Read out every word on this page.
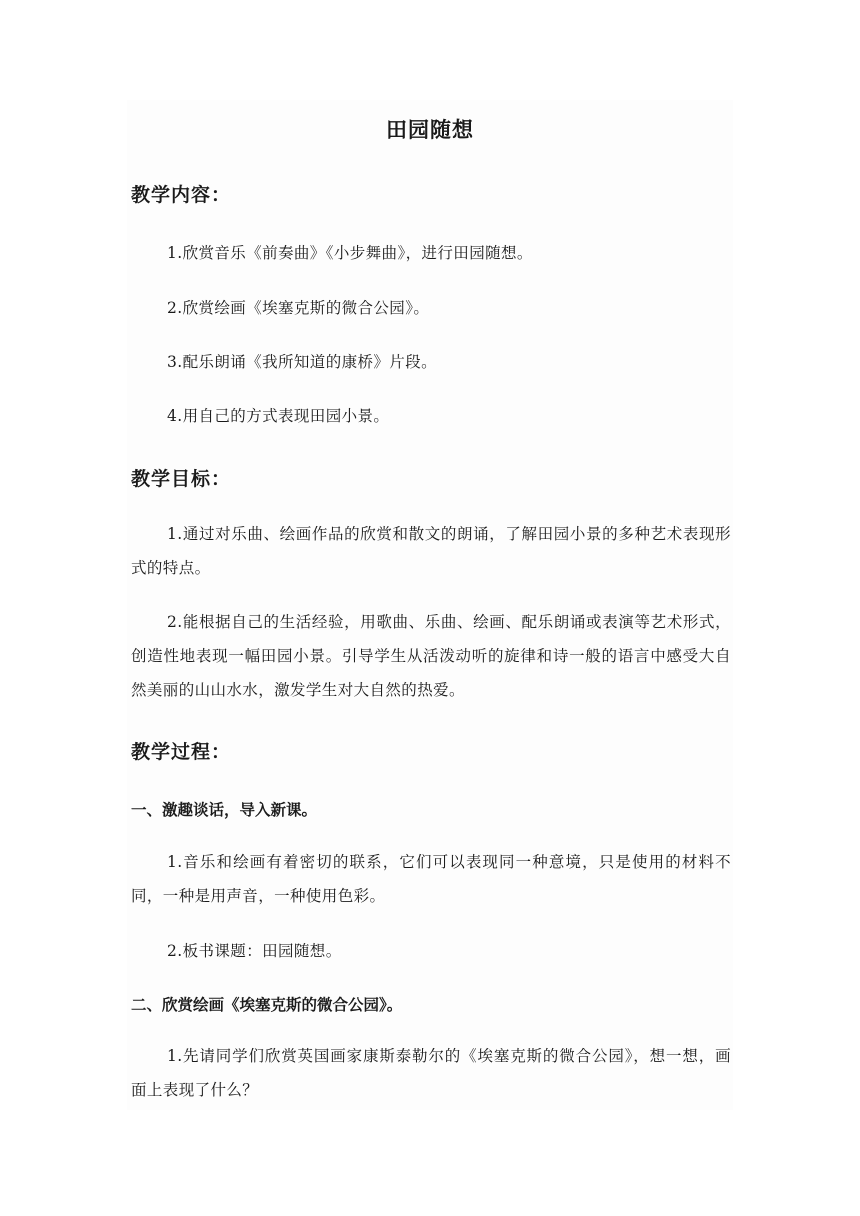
田园随想
教学内容：
1.欣赏音乐《前奏曲》《小步舞曲》，进行田园随想。
2.欣赏绘画《埃塞克斯的微合公园》。
3.配乐朗诵《我所知道的康桥》片段。
4.用自己的方式表现田园小景。
教学目标：
1.通过对乐曲、绘画作品的欣赏和散文的朗诵，了解田园小景的多种艺术表现形式的特点。
2.能根据自己的生活经验，用歌曲、乐曲、绘画、配乐朗诵或表演等艺术形式，创造性地表现一幅田园小景。引导学生从活泼动听的旋律和诗一般的语言中感受大自然美丽的山山水水，激发学生对大自然的热爱。
教学过程：
一、激趣谈话，导入新课。
1.音乐和绘画有着密切的联系，它们可以表现同一种意境，只是使用的材料不同，一种是用声音，一种使用色彩。
2.板书课题：田园随想。
二、欣赏绘画《埃塞克斯的微合公园》。
1.先请同学们欣赏英国画家康斯泰勒尔的《埃塞克斯的微合公园》，想一想，画面上表现了什么？
